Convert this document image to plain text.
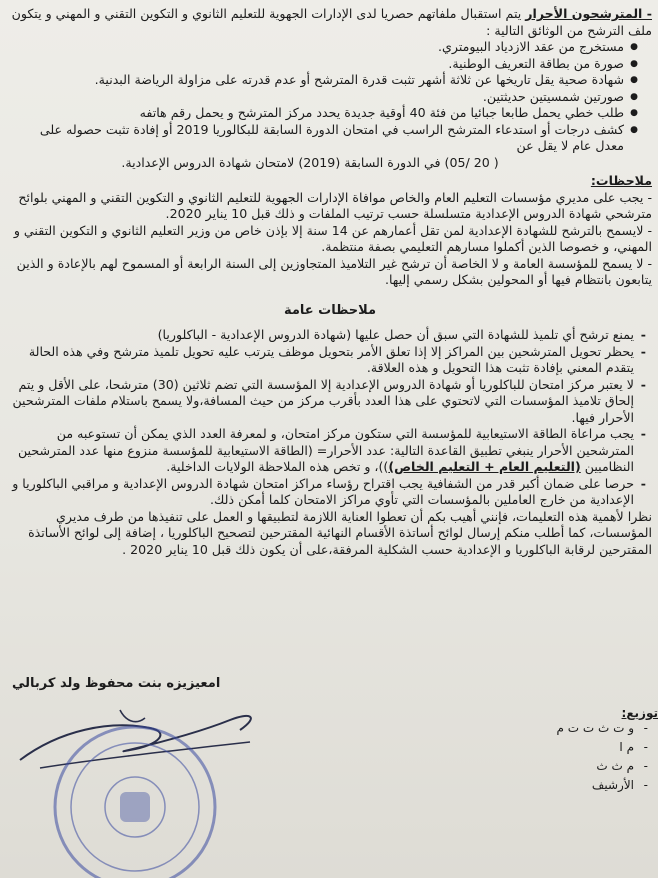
- المترشحون الأحرار يتم استقبال ملفاتهم حصريا لدى الإدارات الجهوية للتعليم الثانوي و التكوين التقني و المهني و يتكون ملف الترشح من الوثائق التالية :
● مستخرج من عقد الازدياد البيومتري.
● صورة من بطاقة التعريف الوطنية.
● شهادة صحية يقل تاريخها عن ثلاثة أشهر تثبت قدرة المترشح أو عدم قدرته على مزاولة الرياضة البدنية.
● صورتين شمسيتين حديثتين.
● طلب خطي يحمل طابعا جبائيا من فئة 40 أوقية جديدة يحدد مركز المترشح و يحمل رقم هاتفه
● كشف درجات أو استدعاء المترشح الراسب في امتحان الدورة السابقة للبكالوريا 2019 أو إفادة تثبت حصوله على معدل عام لا يقل عن
( 20 /05) في الدورة السابقة (2019) لامتحان شهادة الدروس الإعدادية.
ملاحظات:
- يجب على مديري مؤسسات التعليم العام والخاص موافاة الإدارات الجهوية للتعليم الثانوي و التكوين التقني و المهني بلوائح مترشحي شهادة الدروس الإعدادية متسلسلة حسب ترتيب الملفات و ذلك قبل 10 يناير 2020.
- لايسمح بالترشح للشهادة الإعدادية لمن تقل أعمارهم عن 14 سنة إلا بإذن خاص من وزير التعليم الثانوي و التكوين التقني و المهني، و خصوصا الذين أكملوا مسارهم التعليمي بصفة منتظمة.
- لا يسمح للمؤسسة العامة و لا الخاصة أن ترشح غير التلاميذ المتجاوزين إلى السنة الرابعة أو المسموح لهم بالإعادة و الذين يتابعون بانتظام فيها أو المحولين بشكل رسمي إليها.
ملاحظات عامة
- يمنع ترشح أي تلميذ للشهادة التي سبق أن حصل عليها (شهادة الدروس الإعدادية - الباكلوريا)
- يحظر تحويل المترشحين بين المراكز إلا إذا تعلق الأمر بتحويل موظف يترتب عليه تحويل تلميذ مترشح وفي هذه الحالة يتقدم المعني بإفادة تثبت هذا التحويل و هذه العلاقة.
- لا يعتبر مركز امتحان للباكلوريا أو شهادة الدروس الإعدادية إلا المؤسسة التي تضم ثلاثين (30) مترشحا، على الأقل و يتم إلحاق تلاميذ المؤسسات التي لاتحتوي على هذا العدد بأقرب مركز من حيث المسافة،ولا يسمح باستلام ملفات المترشحين الأحرار فيها.
- يجب مراعاة الطاقة الاستيعابية للمؤسسة التي ستكون مركز امتحان، و لمعرفة العدد الذي يمكن أن تستوعبه من المترشحين الأحرار ينبغي تطبيق القاعدة التالية: عدد الأحرار= (الطاقة الاستيعابية للمؤسسة منزوع منها عدد المترشحين النظاميين (التعليم العام + التعليم الخاص)))، و تخص هذه الملاحظة الولايات الداخلية.
- حرصا على ضمان أكبر قدر من الشفافية يجب اقتراح رؤساء مراكز امتحان شهادة الدروس الإعدادية و مراقبي الباكلوريا و الإعدادية من خارج العاملين بالمؤسسات التي تأوي مراكز الامتحان كلما أمكن ذلك.
نظرا لأهمية هذه التعليمات، فإنني أهيب بكم أن تعطوا العناية اللازمة لتطبيقها و العمل على تنفيذها من طرف مديري المؤسسات، كما أطلب منكم إرسال لوائح أساتذة الأقسام النهائية المقترحين لتصحيح الباكلوريا ، إضافة إلى لوائح الأساتذة المقترحين لرقابة الباكلوريا و الإعدادية حسب الشكلية المرفقة،على أن يكون ذلك قبل 10 يناير 2020 .
امعيزيزه بنت محفوظ ولد كربالي
توزيع:
- و ت ث ت ت م
- م ا
- م ث ث
- الأرشيف
